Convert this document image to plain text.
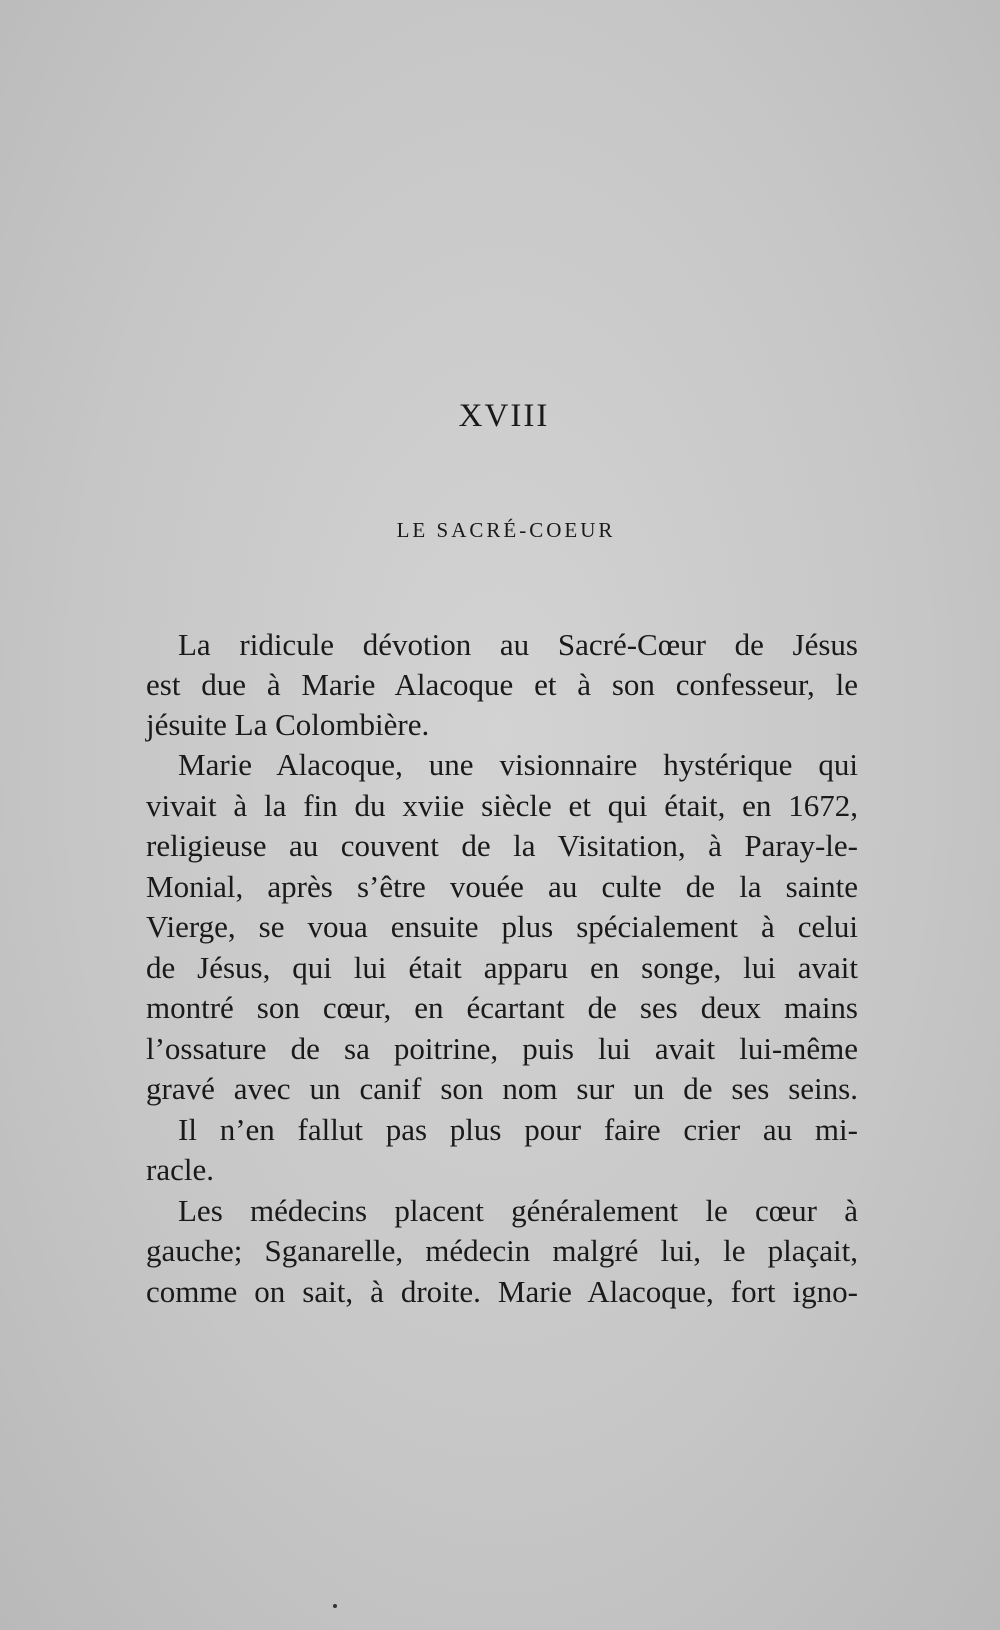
XVIII
LE SACRÉ-COEUR
La ridicule dévotion au Sacré-Cœur de Jésus
est due à Marie Alacoque et à son confesseur, le
jésuite La Colombière.
Marie Alacoque, une visionnaire hystérique qui
vivait à la fin du xviie siècle et qui était, en 1672,
religieuse au couvent de la Visitation, à Paray-le-
Monial, après s’être vouée au culte de la sainte
Vierge, se voua ensuite plus spécialement à celui
de Jésus, qui lui était apparu en songe, lui avait
montré son cœur, en écartant de ses deux mains
l’ossature de sa poitrine, puis lui avait lui-même
gravé avec un canif son nom sur un de ses seins.
Il n’en fallut pas plus pour faire crier au mi-
racle.
Les médecins placent généralement le cœur à
gauche; Sganarelle, médecin malgré lui, le plaçait,
comme on sait, à droite. Marie Alacoque, fort igno-
